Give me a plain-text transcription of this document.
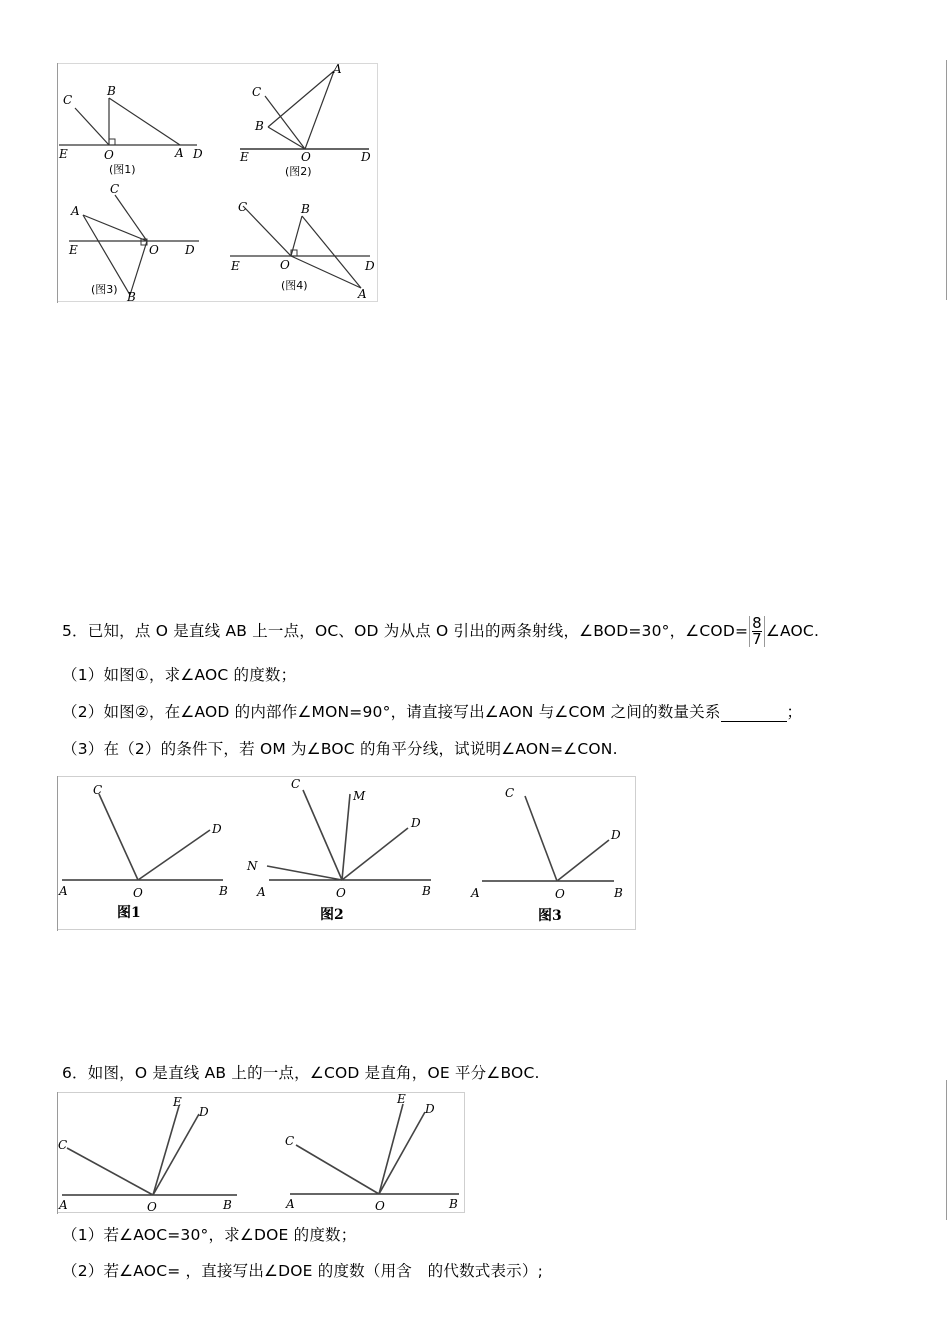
C
B
E	O	A D
(图1)
C
B
E	O
A
D
(图2)
C
A
E	O D
B
(图3)
C	B
E	O	D
A
(图4)
5．已知，点 O 是直线 AB 上一点，OC、OD 为从点 O 引出的两条射线，∠BOD=30°，∠COD= $\frac{8}{7}$ ∠AOC.
（1）如图①，求∠AOC 的度数；
（2）如图②，在∠AOD 的内部作∠MON=90°，请直接写出∠AON 与∠COM 之间的数量关系	；
（3）在（2）的条件下，若 OM 为∠BOC 的角平分线，试说明∠AON=∠CON.
C
D
A	O	B
图1
C
M
D
N
A	O	B
图2
C
D
A	O	B
图3
6．如图，O 是直线 AB 上的一点，∠COD 是直角，OE 平分∠BOC.
E
D
C
A	O	B
E
D
C
A	O	B
（1）若∠AOC=30°，求∠DOE 的度数；
（2）若∠AOC= ，直接写出∠DOE 的度数（用含　的代数式表示）;
